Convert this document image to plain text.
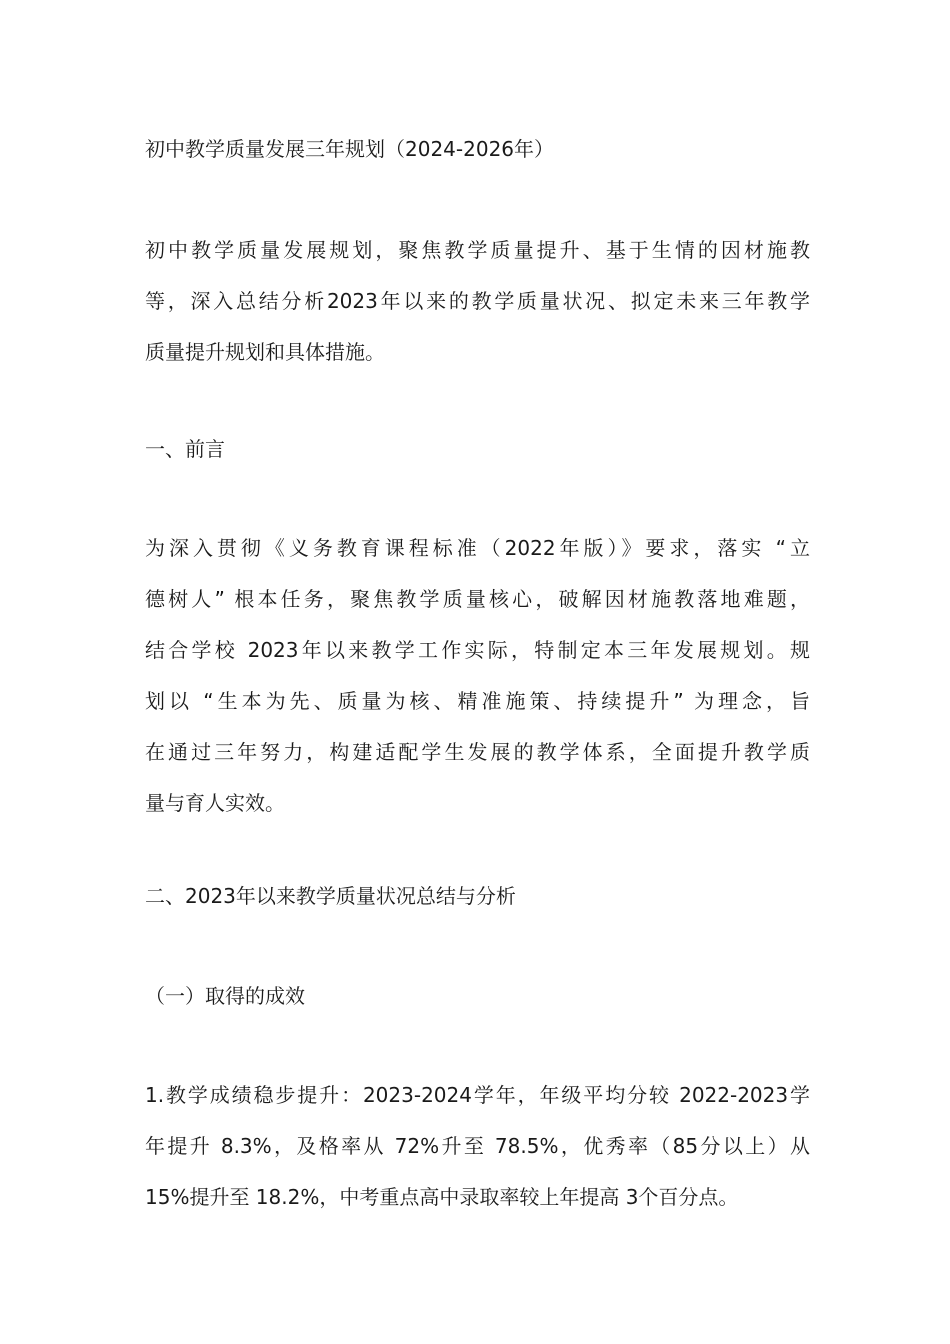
初中教学质量发展三年规划（2024-2026年）

初中教学质量发展规划，聚焦教学质量提升、基于生情的因材施教
等，深入总结分析2023年以来的教学质量状况、拟定未来三年教学
质量提升规划和具体措施。

一、前言

为深入贯彻《义务教育课程标准（2022年版）》要求，落实 “立
德树人” 根本任务，聚焦教学质量核心，破解因材施教落地难题，
结合学校 2023年以来教学工作实际，特制定本三年发展规划。规
划以 “生本为先、质量为核、精准施策、持续提升” 为理念，旨
在通过三年努力，构建适配学生发展的教学体系，全面提升教学质
量与育人实效。

二、2023年以来教学质量状况总结与分析

（一）取得的成效

1.教学成绩稳步提升：2023-2024学年，年级平均分较 2022-2023学
年提升 8.3%，及格率从 72%升至 78.5%，优秀率（85分以上）从
15%提升至 18.2%，中考重点高中录取率较上年提高 3个百分点。
